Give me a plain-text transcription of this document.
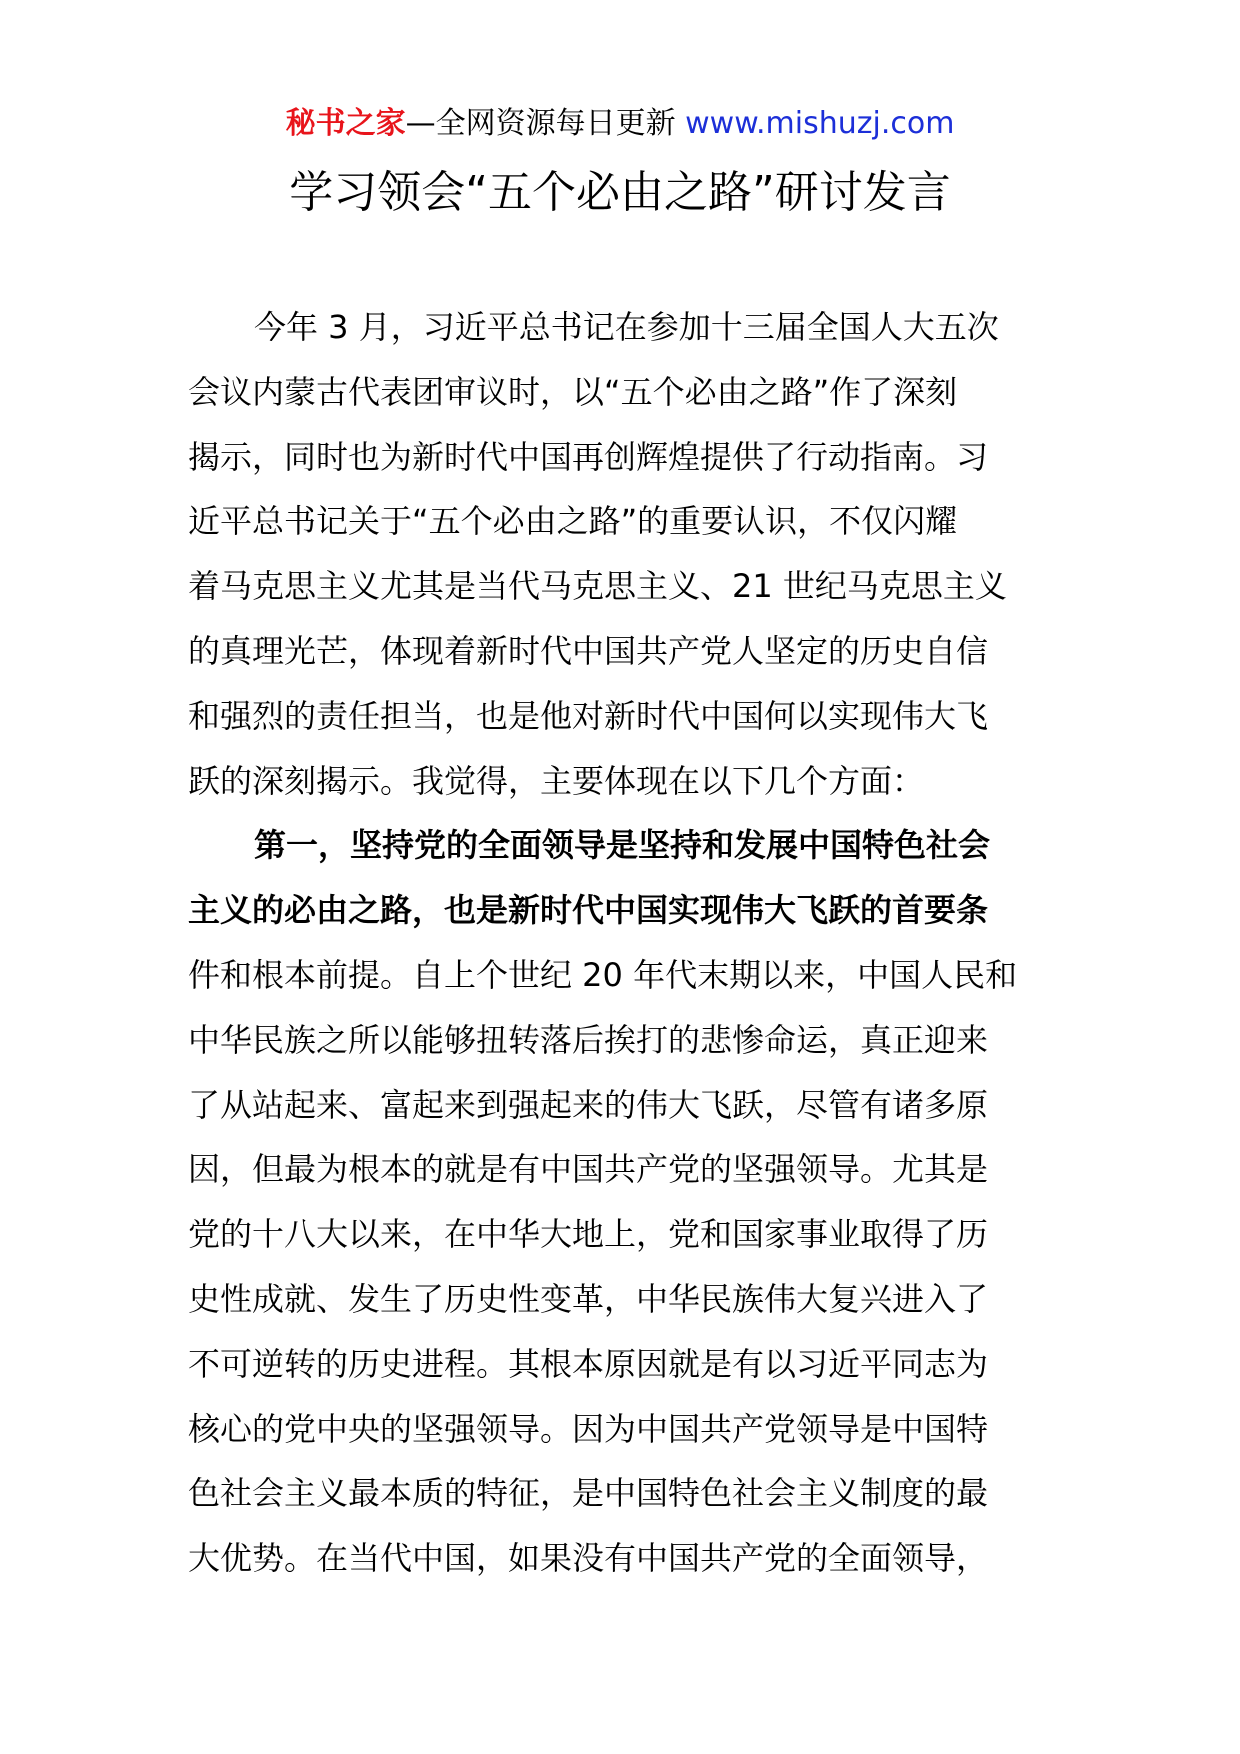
秘书之家—全网资源每日更新 www.mishuzj.com
学习领会“五个必由之路”研讨发言
今年 3 月，习近平总书记在参加十三届全国人大五次
会议内蒙古代表团审议时，以“五个必由之路”作了深刻
揭示，同时也为新时代中国再创辉煌提供了行动指南。习
近平总书记关于“五个必由之路”的重要认识，不仅闪耀
着马克思主义尤其是当代马克思主义、21 世纪马克思主义
的真理光芒，体现着新时代中国共产党人坚定的历史自信
和强烈的责任担当，也是他对新时代中国何以实现伟大飞
跃的深刻揭示。我觉得，主要体现在以下几个方面：
第一，坚持党的全面领导是坚持和发展中国特色社会
主义的必由之路，也是新时代中国实现伟大飞跃的首要条
件和根本前提。自上个世纪 20 年代末期以来，中国人民和
中华民族之所以能够扭转落后挨打的悲惨命运，真正迎来
了从站起来、富起来到强起来的伟大飞跃，尽管有诸多原
因，但最为根本的就是有中国共产党的坚强领导。尤其是
党的十八大以来，在中华大地上，党和国家事业取得了历
史性成就、发生了历史性变革，中华民族伟大复兴进入了
不可逆转的历史进程。其根本原因就是有以习近平同志为
核心的党中央的坚强领导。因为中国共产党领导是中国特
色社会主义最本质的特征，是中国特色社会主义制度的最
大优势。在当代中国，如果没有中国共产党的全面领导，
